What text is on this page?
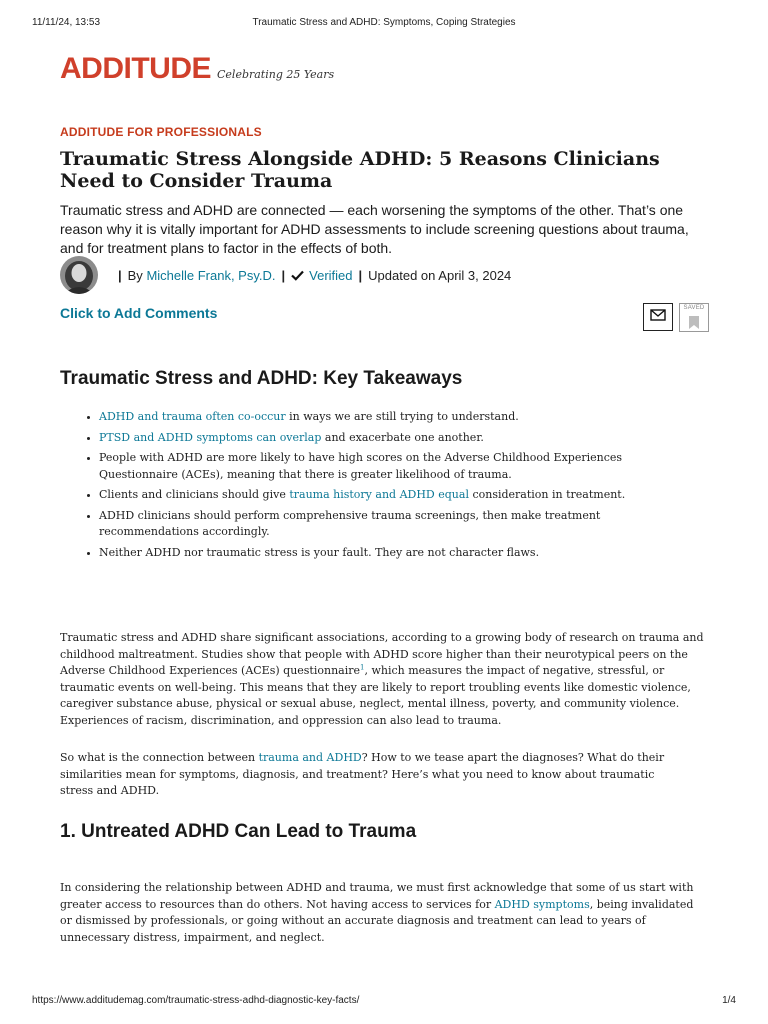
11/11/24, 13:53	Traumatic Stress and ADHD: Symptoms, Coping Strategies
ADDITUDE Celebrating 25 Years
ADDITUDE FOR PROFESSIONALS
Traumatic Stress Alongside ADHD: 5 Reasons Clinicians Need to Consider Trauma

Traumatic stress and ADHD are connected — each worsening the symptoms of the other. That’s one reason why it is vitally important for ADHD assessments to include screening questions about trauma, and for treatment plans to factor in the effects of both.

| By
Michelle Frank, Psy.D. | Verified | Updated on April 3, 2024
Click to Add Comments	SAVED
Traumatic Stress and ADHD: Key Takeaways
• ADHD and trauma often co-occur in ways we are still trying to understand.
• PTSD and ADHD symptoms can overlap and exacerbate one another.
• People with ADHD are more likely to have high scores on the Adverse Childhood Experiences Questionnaire (ACEs), meaning that there is greater likelihood of trauma.
• Clients and clinicians should give trauma history and ADHD equal consideration in treatment.
• ADHD clinicians should perform comprehensive trauma screenings, then make treatment recommendations accordingly.
• Neither ADHD nor traumatic stress is your fault. They are not character flaws.

Traumatic stress and ADHD share significant associations, according to a growing body of research on trauma and childhood maltreatment. Studies show that people with ADHD score higher than their neurotypical peers on the Adverse Childhood Experiences (ACEs) questionnaire$^1$, which measures the impact of negative, stressful, or traumatic events on well-being. This means that they are likely to report troubling events like domestic violence, caregiver substance abuse, physical or sexual abuse, neglect, mental illness, poverty, and community violence. Experiences of racism, discrimination, and oppression can also lead to trauma.

So what is the connection between trauma and ADHD? How to we tease apart the diagnoses? What do their similarities mean for symptoms, diagnosis, and treatment? Here’s what you need to know about traumatic stress and ADHD.

1. Untreated ADHD Can Lead to Trauma

In considering the relationship between ADHD and trauma, we must first acknowledge that some of us start with greater access to resources than do others. Not having access to services for ADHD symptoms, being invalidated or dismissed by professionals, or going without an accurate diagnosis and treatment can lead to years of unnecessary distress, impairment, and neglect.

https://www.additudemag.com/traumatic-stress-adhd-diagnostic-key-facts/	1/4
